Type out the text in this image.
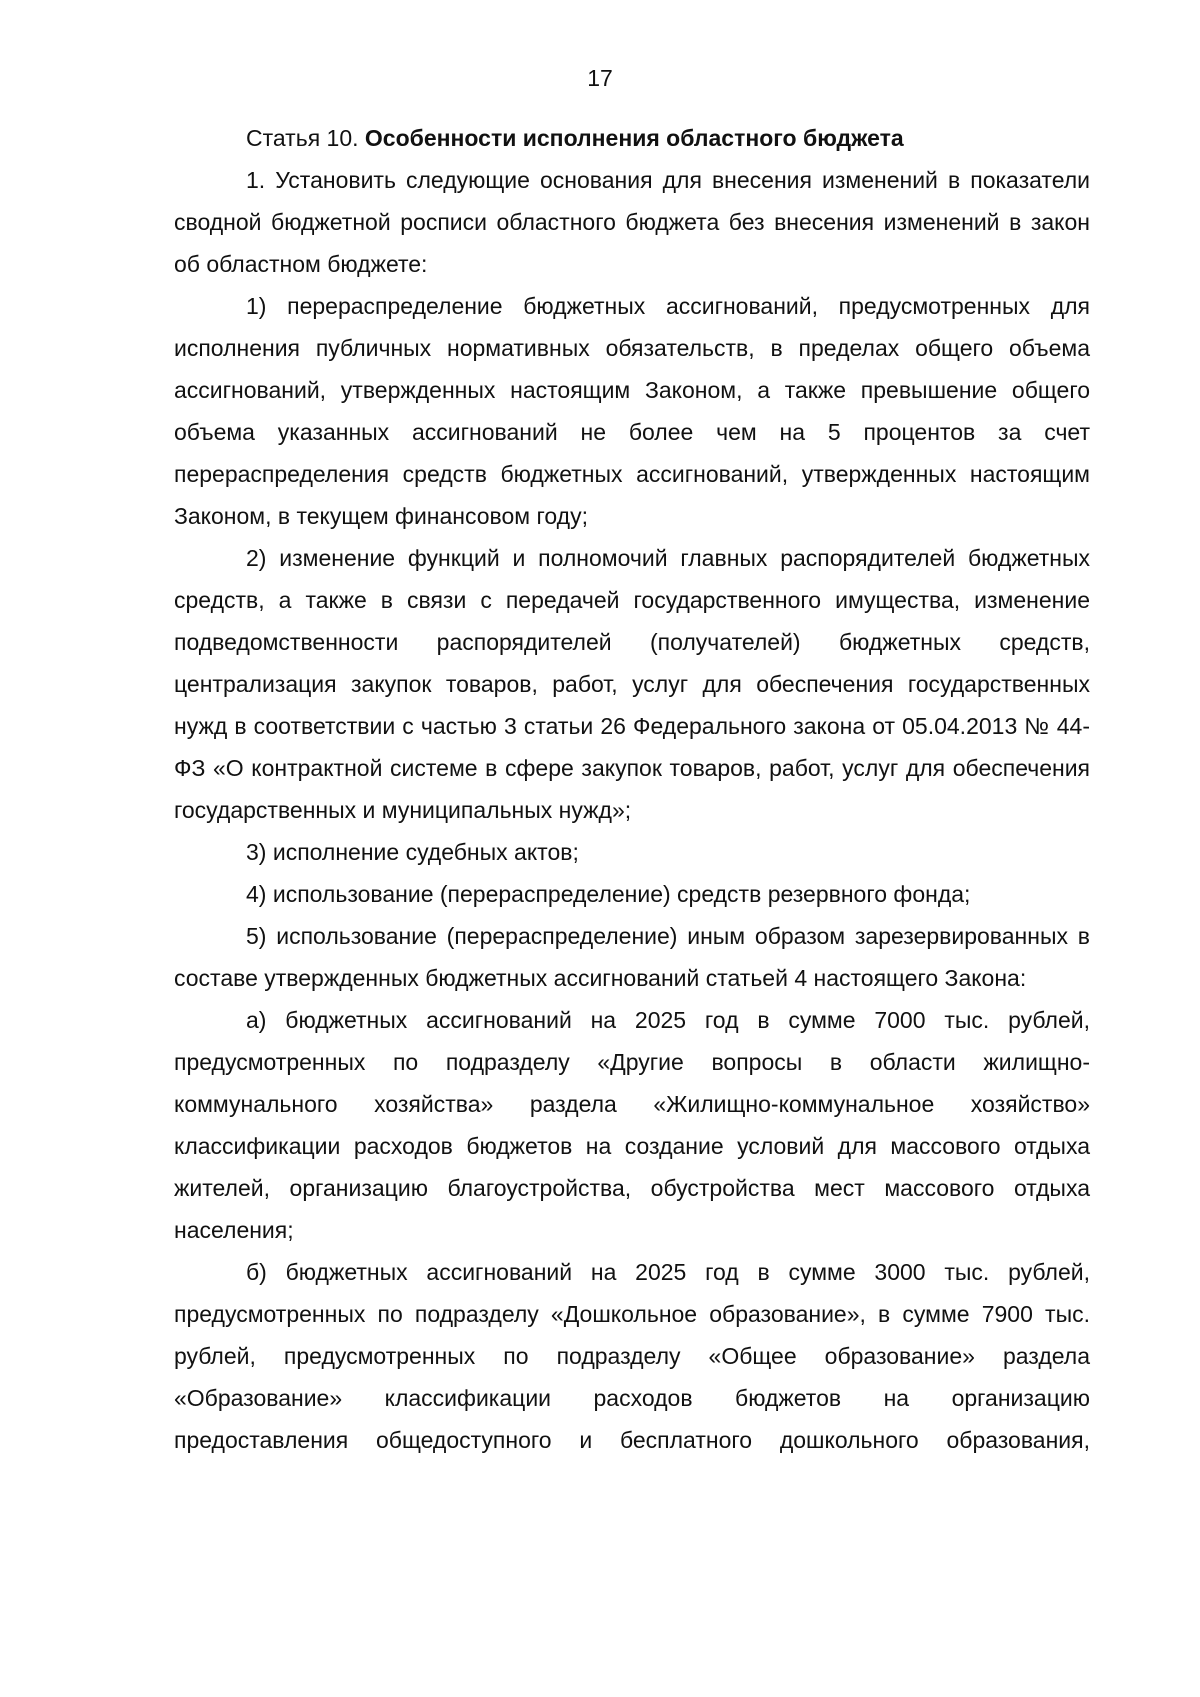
17

Статья 10. Особенности исполнения областного бюджета

1. Установить следующие основания для внесения изменений в показатели сводной бюджетной росписи областного бюджета без внесения изменений в закон об областном бюджете:

1) перераспределение бюджетных ассигнований, предусмотренных для исполнения публичных нормативных обязательств, в пределах общего объема ассигнований, утвержденных настоящим Законом, а также превышение общего объема указанных ассигнований не более чем на 5 процентов за счет перераспределения средств бюджетных ассигнований, утвержденных настоящим Законом, в текущем финансовом году;

2) изменение функций и полномочий главных распорядителей бюджетных средств, а также в связи с передачей государственного имущества, изменение подведомственности распорядителей (получателей) бюджетных средств, централизация закупок товаров, работ, услуг для обеспечения государственных нужд в соответствии с частью 3 статьи 26 Федерального закона от 05.04.2013 № 44-ФЗ «О контрактной системе в сфере закупок товаров, работ, услуг для обеспечения государственных и муниципальных нужд»;

3) исполнение судебных актов;

4) использование (перераспределение) средств резервного фонда;

5) использование (перераспределение) иным образом зарезервированных в составе утвержденных бюджетных ассигнований статьей 4 настоящего Закона:

а) бюджетных ассигнований на 2025 год в сумме 7000 тыс. рублей, предусмотренных по подразделу «Другие вопросы в области жилищно-коммунального хозяйства» раздела «Жилищно-коммунальное хозяйство» классификации расходов бюджетов на создание условий для массового отдыха жителей, организацию благоустройства, обустройства мест массового отдыха населения;

б) бюджетных ассигнований на 2025 год в сумме 3000 тыс. рублей, предусмотренных по подразделу «Дошкольное образование», в сумме 7900 тыс. рублей, предусмотренных по подразделу «Общее образование» раздела «Образование» классификации расходов бюджетов на организацию предоставления общедоступного и бесплатного дошкольного образования,
